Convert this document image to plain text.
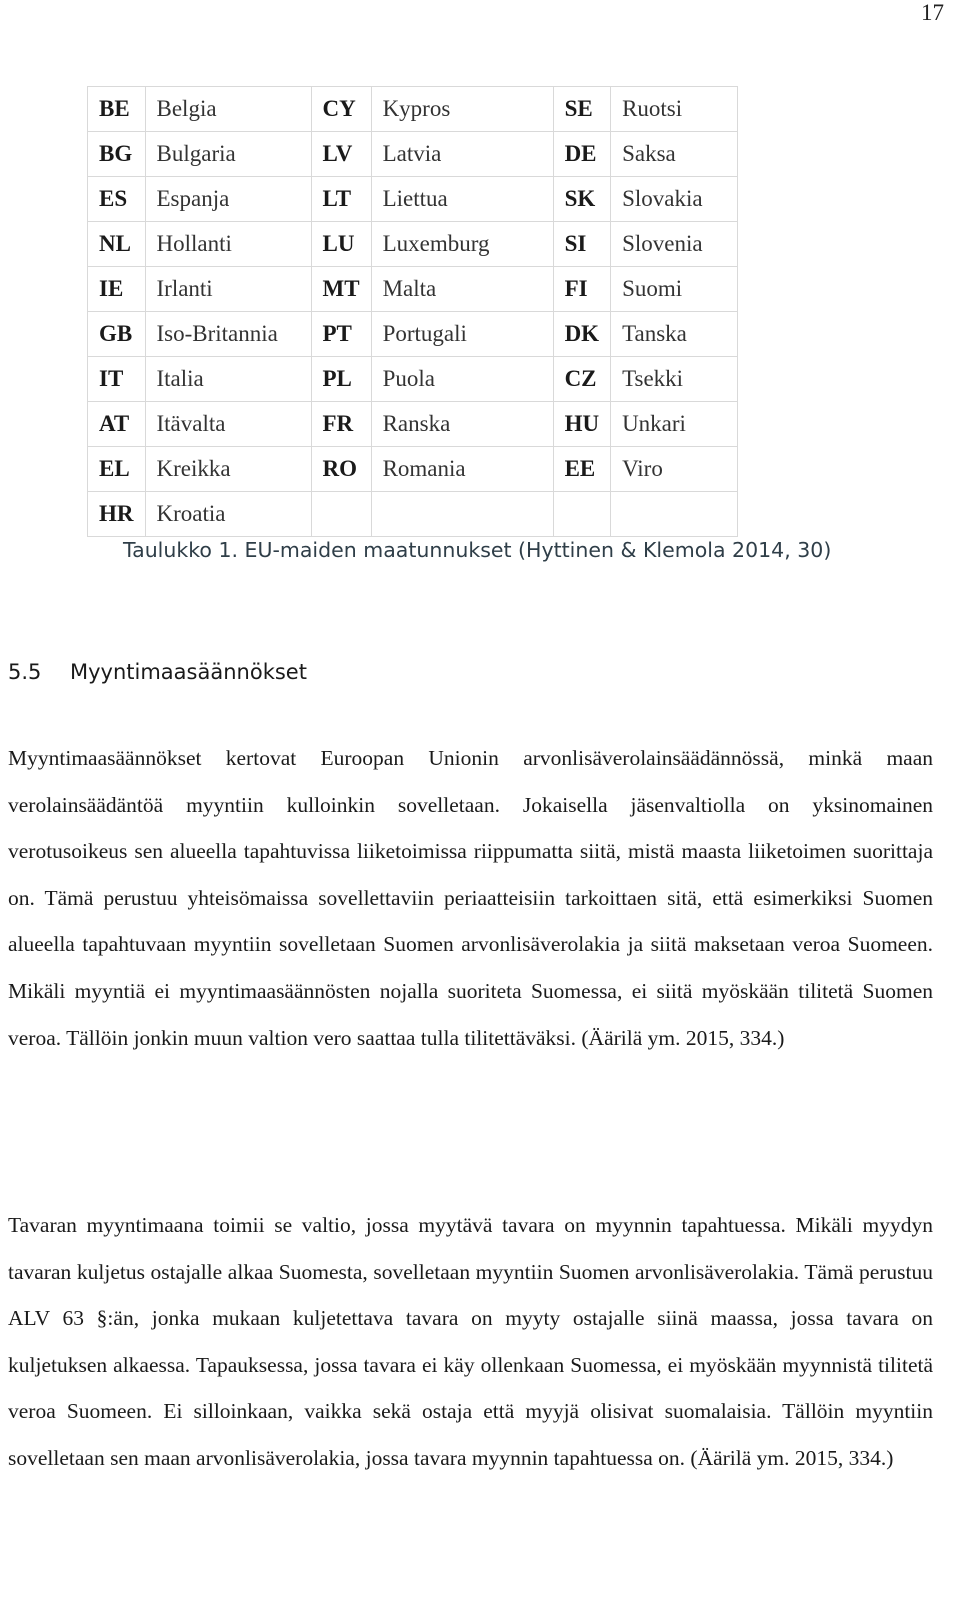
17
BE	Belgia	CY	Kypros	SE	Ruotsi
BG	Bulgaria	LV	Latvia	DE	Saksa
ES	Espanja	LT	Liettua	SK	Slovakia
NL	Hollanti	LU	Luxemburg	SI	Slovenia
IE	Irlanti	MT	Malta	FI	Suomi
GB	Iso-Britannia	PT	Portugali	DK	Tanska
IT	Italia	PL	Puola	CZ	Tsekki
AT	Itävalta	FR	Ranska	HU	Unkari
EL	Kreikka	RO	Romania	EE	Viro
HR	Kroatia				
Taulukko 1. EU-maiden maatunnukset (Hyttinen & Klemola 2014, 30)
5.5 Myyntimaasäännökset

Myyntimaasäännökset kertovat Euroopan Unionin arvonlisäverolainsäädännössä, minkä maan verolainsäädäntöä myyntiin kulloinkin sovelletaan. Jokaisella jäsenvaltiolla on yksinomainen verotusoikeus sen alueella tapahtuvissa liiketoimissa riippumatta siitä, mistä maasta liiketoimen suorittaja on. Tämä perustuu yhteisömaissa sovellettaviin periaatteisiin tarkoittaen sitä, että esimerkiksi Suomen alueella tapahtuvaan myyntiin sovelletaan Suomen arvonlisäverolakia ja siitä maksetaan veroa Suomeen. Mikäli myyntiä ei myyntimaasäännösten nojalla suoriteta Suomessa, ei siitä myöskään tilitetä Suomen veroa. Tällöin jonkin muun valtion vero saattaa tulla tilitettäväksi. (Äärilä ym. 2015, 334.)

Tavaran myyntimaana toimii se valtio, jossa myytävä tavara on myynnin tapahtuessa. Mikäli myydyn tavaran kuljetus ostajalle alkaa Suomesta, sovelletaan myyntiin Suomen arvonlisäverolakia. Tämä perustuu ALV 63 §:än, jonka mukaan kuljetettava tavara on myyty ostajalle siinä maassa, jossa tavara on kuljetuksen alkaessa. Tapauksessa, jossa tavara ei käy ollenkaan Suomessa, ei myöskään myynnistä tilitetä veroa Suomeen. Ei silloinkaan, vaikka sekä ostaja että myyjä olisivat suomalaisia. Tällöin myyntiin sovelletaan sen maan arvonlisäverolakia, jossa tavara myynnin tapahtuessa on. (Äärilä ym. 2015, 334.)
